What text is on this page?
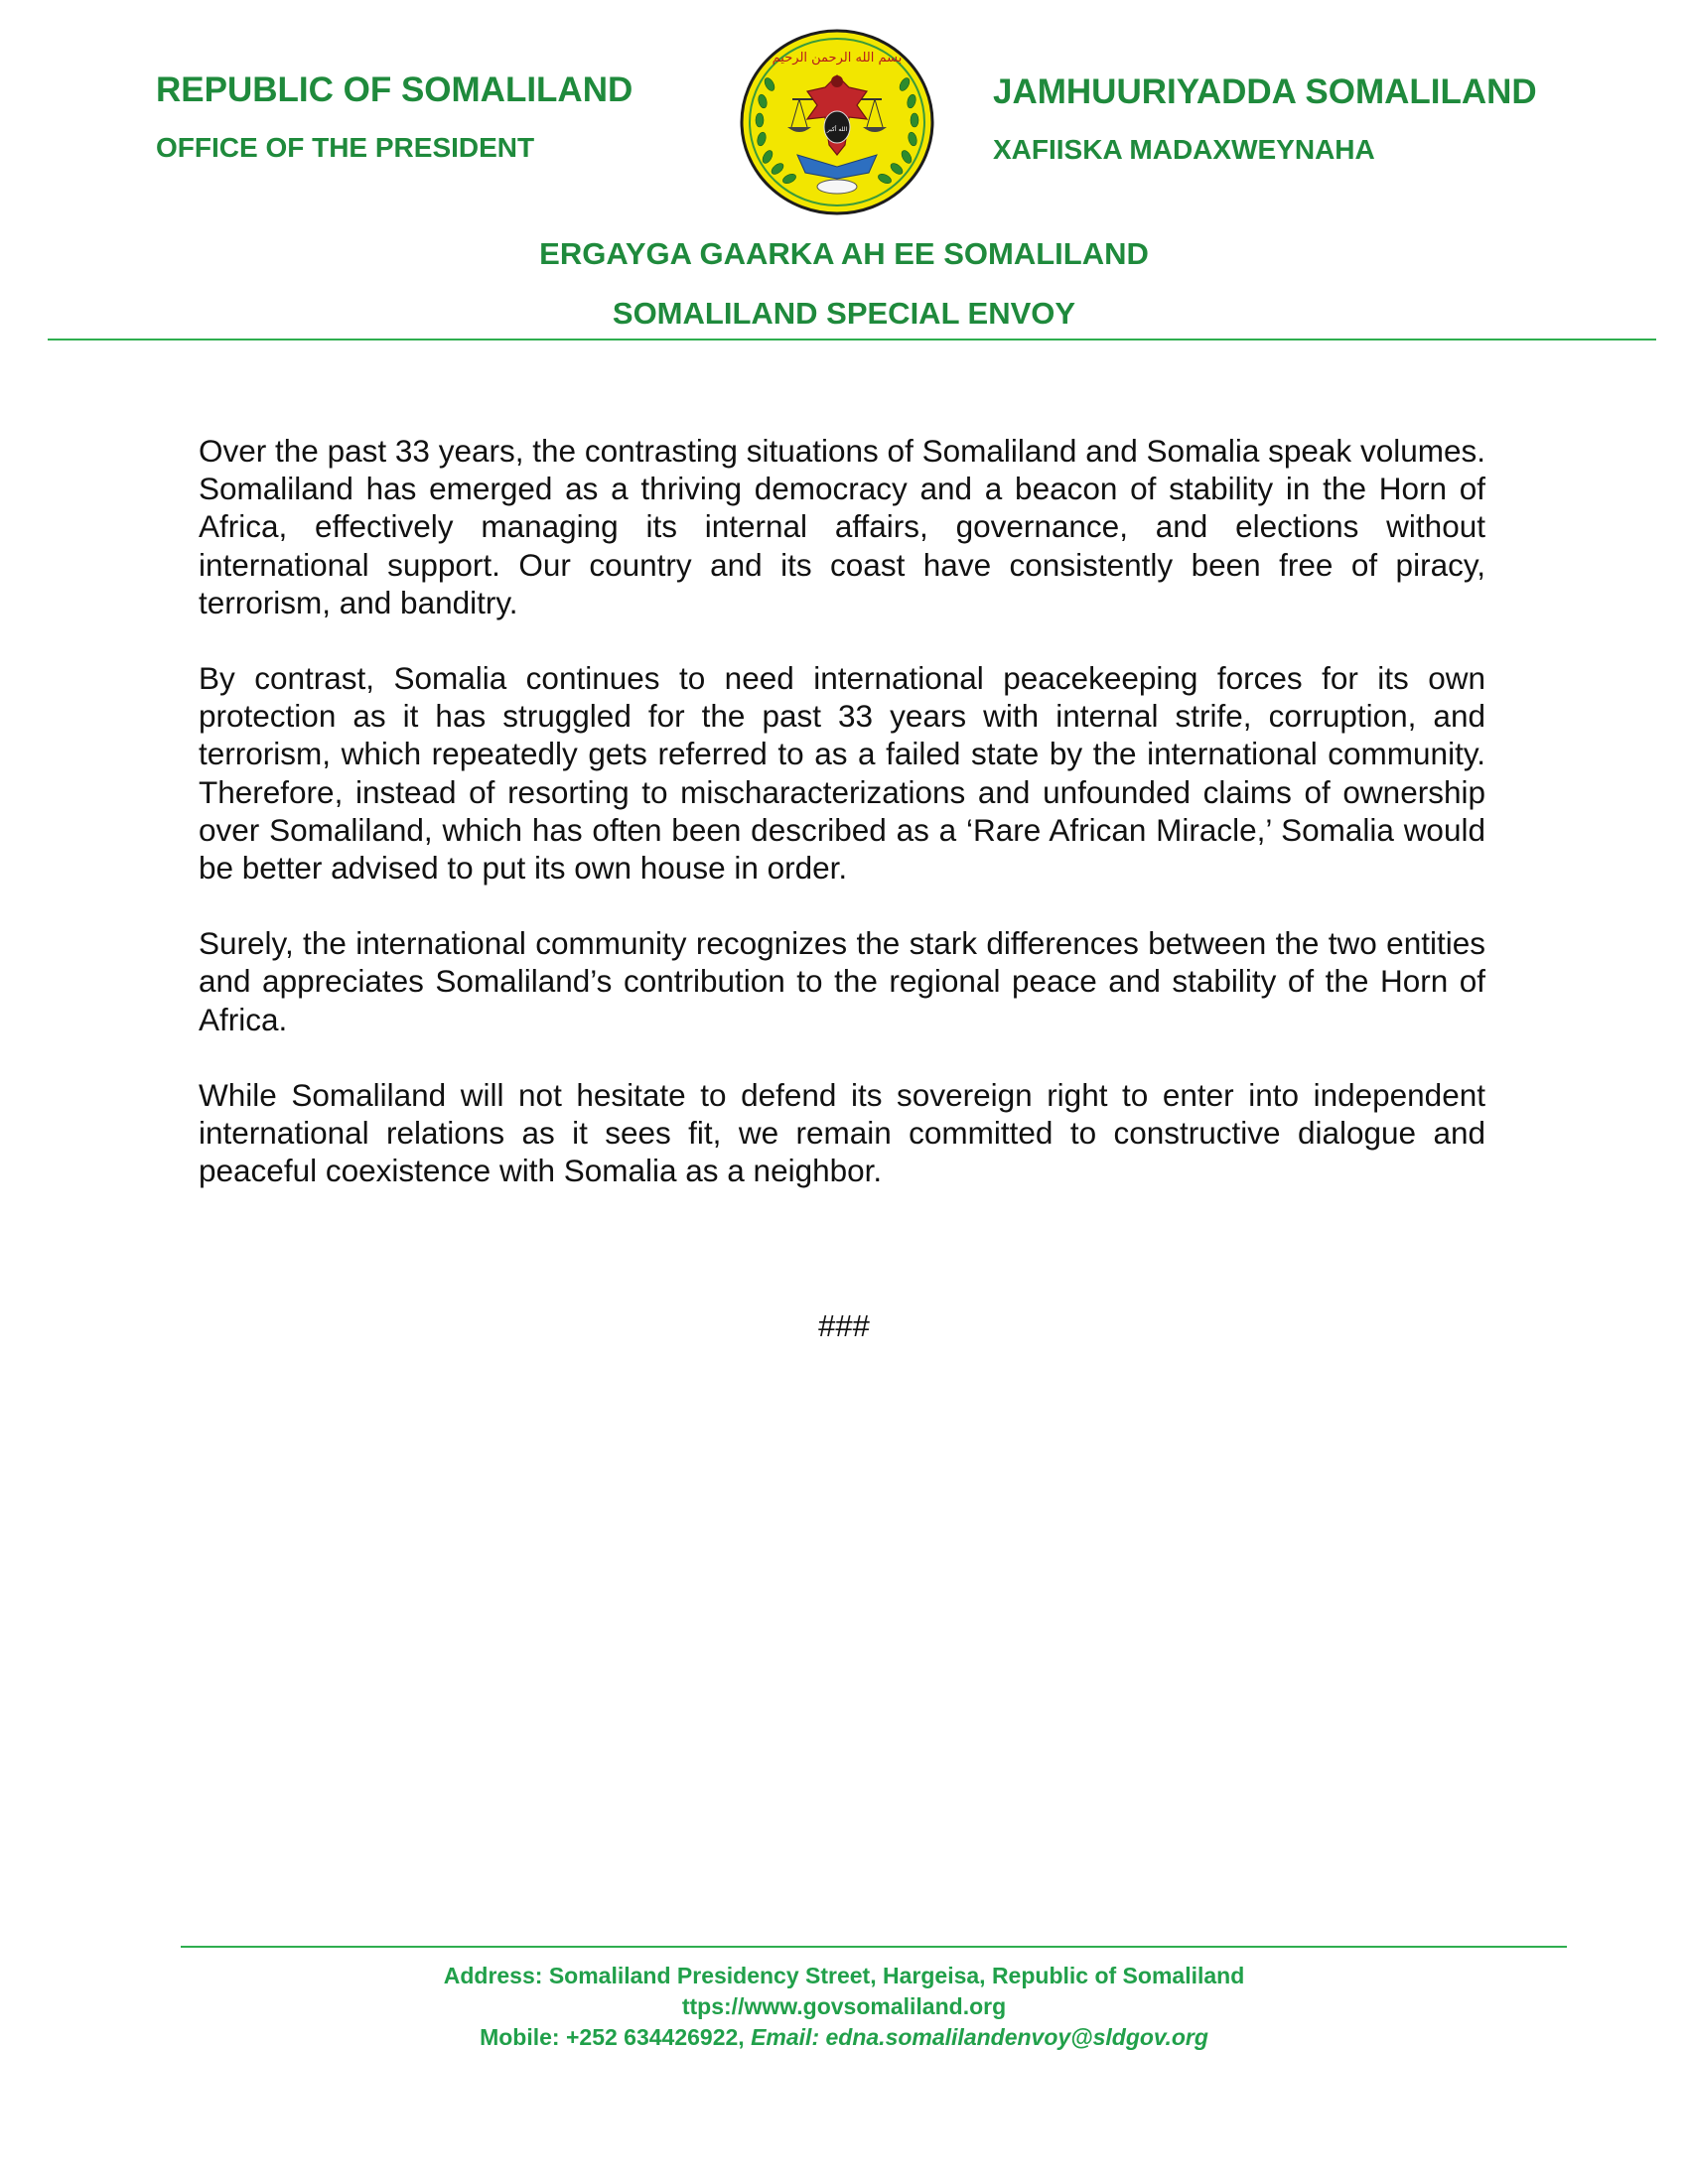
REPUBLIC OF SOMALILAND
OFFICE OF THE PRESIDENT
بسم الله الرحمن الرحيم
الله أكبر
JAMHUURIYADDA SOMALILAND
XAFIISKA MADAXWEYNAHA
ERGAYGA GAARKA AH EE SOMALILAND
SOMALILAND SPECIAL ENVOY

Over the past 33 years, the contrasting situations of Somaliland and Somalia speak volumes. Somaliland has emerged as a thriving democracy and a beacon of stability in the Horn of Africa, effectively managing its internal affairs, governance, and elections without international support. Our country and its coast have consistently been free of piracy, terrorism, and banditry.

By contrast, Somalia continues to need international peacekeeping forces for its own protection as it has struggled for the past 33 years with internal strife, corruption, and terrorism, which repeatedly gets referred to as a failed state by the international community. Therefore, instead of resorting to mischaracterizations and unfounded claims of ownership over Somaliland, which has often been described as a ‘Rare African Miracle,’ Somalia would be better advised to put its own house in order.

Surely, the international community recognizes the stark differences between the two entities and appreciates Somaliland’s contribution to the regional peace and stability of the Horn of Africa.

While Somaliland will not hesitate to defend its sovereign right to enter into independent international relations as it sees fit, we remain committed to constructive dialogue and peaceful coexistence with Somalia as a neighbor.

###
Address: Somaliland Presidency Street, Hargeisa, Republic of Somaliland
ttps://www.govsomaliland.org
Mobile: +252 634426922, Email: edna.somalilandenvoy@sldgov.org
